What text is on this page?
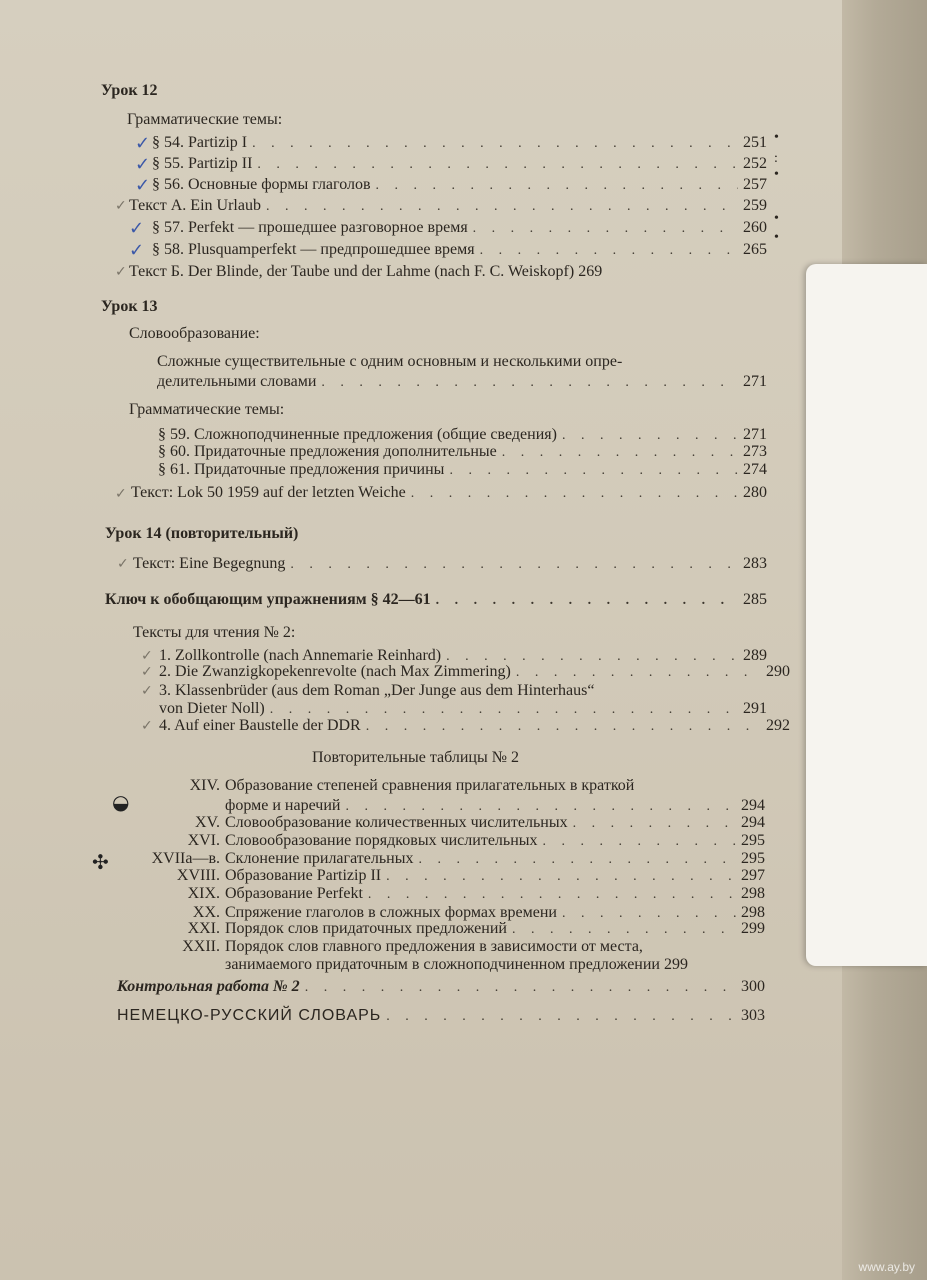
Урок 12
Грамматические темы:
✓ § 54. Partizip I . . .	251 •
✓ § 55. Partizip II . . .	252 :
✓ § 56. Основные формы глаголов . . .	257
•
✓ Текст А. Ein Urlaub . . .	259
✓ § 57. Perfekt — прошедшее разговорное время . . .	260
•
✓ § 58. Plusquamperfekt — предпрошедшее время . . .	265
•
✓ Текст Б. Der Blinde, der Taube und der Lahme (nach F. C. Weiskopf) 269
Урок 13
Словообразование:
Сложные существительные с одним основным и несколькими опре-
делительными словами . . .	271
Грамматические темы:
§ 59. Сложноподчиненные предложения (общие сведения) . . .	271
§ 60. Придаточные предложения дополнительные . . .	273
§ 61. Придаточные предложения причины . . .	274
✓ Текст: Lok 50 1959 auf der letzten Weiche . . .	280
Урок 14 (повторительный)
✓ Текст: Eine Begegnung . . .	283
Ключ к обобщающим упражнениям § 42—61 . . .	285
Тексты для чтения № 2:
✓ 1. Zollkontrolle (nach Annemarie Reinhard) . . .	289
✓ 2. Die Zwanzigkopekenrevolte (nach Max Zimmering) . . .	290
✓ 3. Klassenbrüder (aus dem Roman „Der Junge aus dem Hinterhaus“
von Dieter Noll) . . .	291
✓ 4. Auf einer Baustelle der DDR . . .	292
Повторительные таблицы № 2
◒
XIV. Образование степеней сравнения прилагательных в краткой
форме и наречий . . .	294
XV. Словообразование количественных числительных . . .	294
XVI. Словообразование порядковых числительных . . .	295
✣	XVIIa—в. Склонение прилагательных . . .	295
XVIII. Образование Partizip II . . .	297
XIX. Образование Perfekt . . .	298
XX. Спряжение глаголов в сложных формах времени . . .	298
XXI. Порядок слов придаточных предложений . . .	299
XXII. Порядок слов главного предложения в зависимости от места,
занимаемого придаточным в сложноподчиненном предложении 299
Контрольная работа № 2 . . .	300
НЕМЕЦКО-РУССКИЙ СЛОВАРЬ . . .	303
www.ay.by
